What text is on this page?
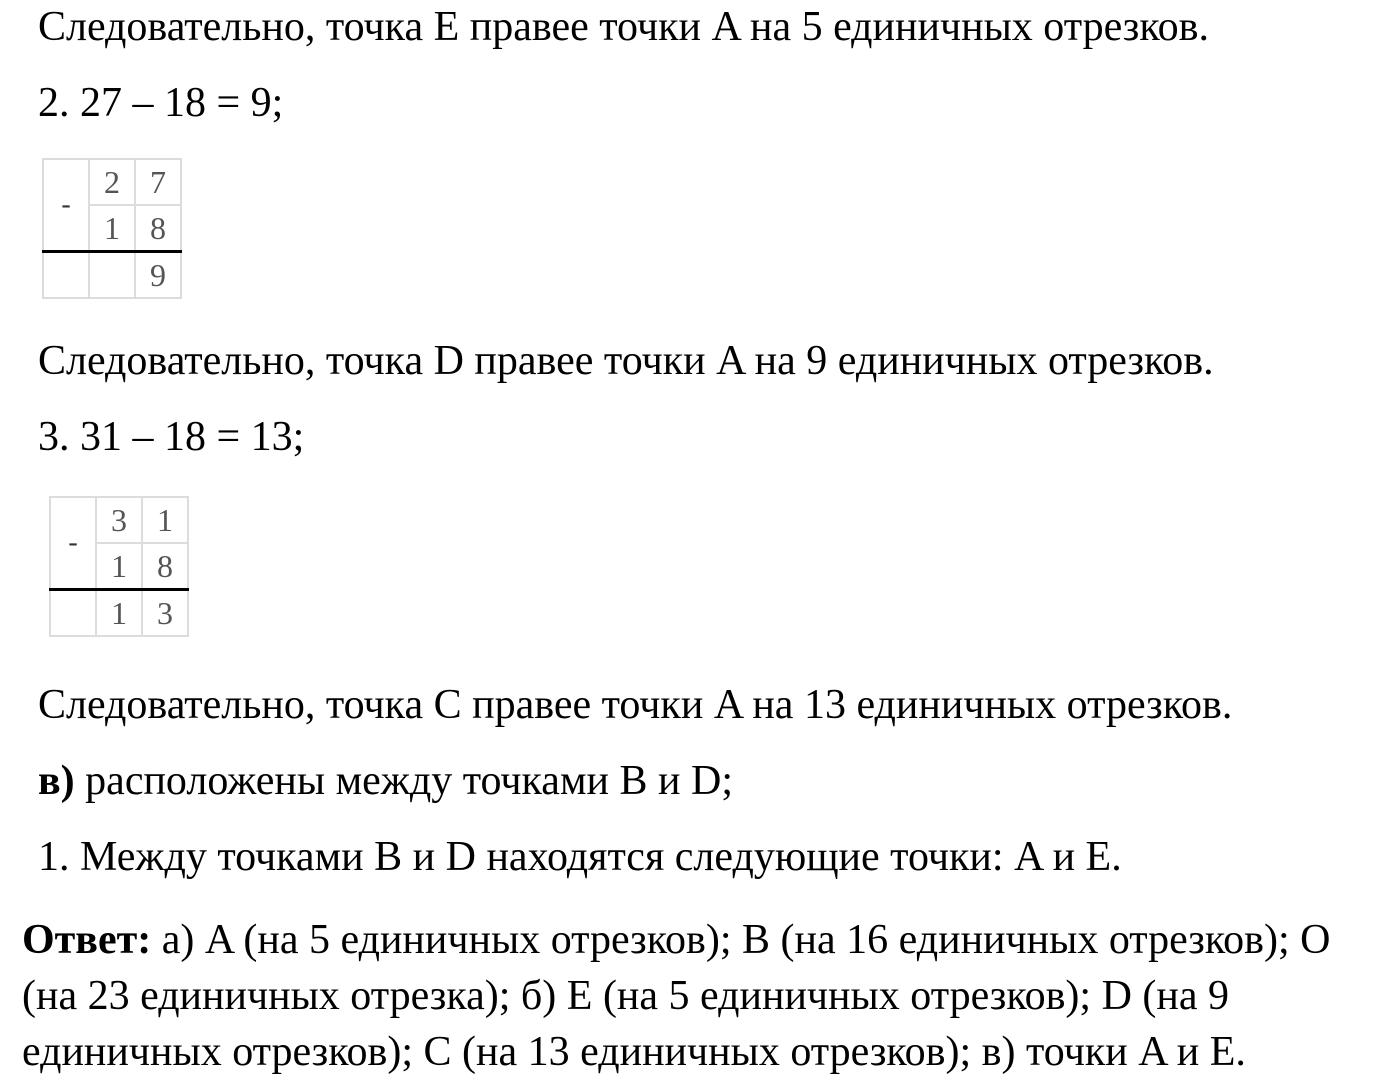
Следовательно, точка E правее точки A на 5 единичных отрезков.

2. 27 – 18 = 9;

-	2	7
	1	8
		9

Следовательно, точка D правее точки A на 9 единичных отрезков.

3. 31 – 18 = 13;

-	3	1
	1	8
	1	3

Следовательно, точка C правее точки A на 13 единичных отрезков.

в) расположены между точками B и D;

1. Между точками B и D находятся следующие точки: A и E.

Ответ: а) A (на 5 единичных отрезков); B (на 16 единичных отрезков); O (на 23 единичных отрезка); б) E (на 5 единичных отрезков); D (на 9 единичных отрезков); C (на 13 единичных отрезков); в) точки A и E.
